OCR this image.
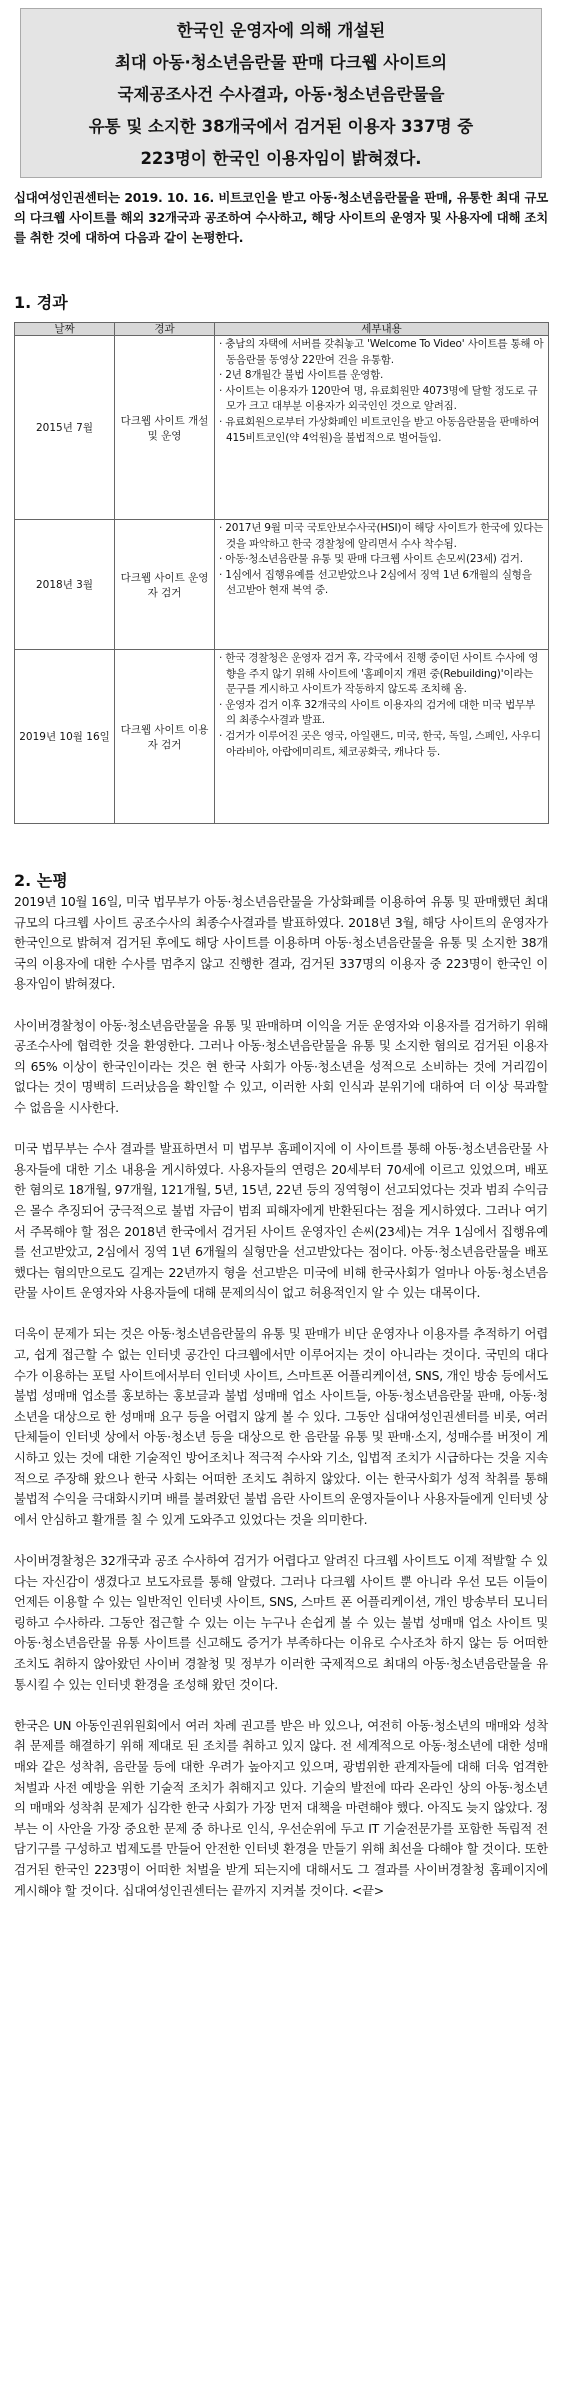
한국인 운영자에 의해 개설된
최대 아동·청소년음란물 판매 다크웹 사이트의
국제공조사건 수사결과, 아동·청소년음란물을
유통 및 소지한 38개국에서 검거된 이용자 337명 중
223명이 한국인 이용자임이 밝혀졌다.
십대여성인권센터는 2019. 10. 16. 비트코인을 받고 아동·청소년음란물을 판매, 유통한 최대 규모의 다크웹 사이트를 해외 32개국과 공조하여 수사하고, 해당 사이트의 운영자 및 사용자에 대해 조치를 취한 것에 대하여 다음과 같이 논평한다.
1. 경과
날짜	경과	세부내용
2015년 7월	다크웹 사이트 개설 및 운영	· 충남의 자택에 서버를 갖춰놓고 'Welcome To Video' 사이트를 통해 아동음란물 동영상 22만여 건을 유통함.
· 2년 8개월간 불법 사이트를 운영함.
· 사이트는 이용자가 120만여 명, 유료회원만 4073명에 달할 정도로 규모가 크고 대부분 이용자가 외국인인 것으로 알려짐.
· 유료회원으로부터 가상화폐인 비트코인을 받고 아동음란물을 판매하여 415비트코인(약 4억원)을 불법적으로 벌어들임.

2018년 3월	다크웹 사이트 운영자 검거	· 2017년 9월 미국 국토안보수사국(HSI)이 해당 사이트가 한국에 있다는 것을 파악하고 한국 경찰청에 알리면서 수사 착수됨.
· 아동·청소년음란물 유통 및 판매 다크웹 사이트 손모씨(23세) 검거.
· 1심에서 집행유예를 선고받았으나 2심에서 징역 1년 6개월의 실형을 선고받아 현재 복역 중.

2019년 10월 16일	다크웹 사이트 이용자 검거	· 한국 경찰청은 운영자 검거 후, 각국에서 진행 중이던 사이트 수사에 영향을 주지 않기 위해 사이트에 '홈페이지 개편 중(Rebuilding)'이라는 문구를 게시하고 사이트가 작동하지 않도록 조치해 옴.
· 운영자 검거 이후 32개국의 사이트 이용자의 검거에 대한 미국 법무부의 최종수사결과 발표.
· 검거가 이루어진 곳은 영국, 아일랜드, 미국, 한국, 독일, 스페인, 사우디아라비아, 아랍에미리트, 체코공화국, 캐나다 등.
2. 논평

2019년 10월 16일, 미국 법무부가 아동·청소년음란물을 가상화폐를 이용하여 유통 및 판매했던 최대 규모의 다크웹 사이트 공조수사의 최종수사결과를 발표하였다. 2018년 3월, 해당 사이트의 운영자가 한국인으로 밝혀져 검거된 후에도 해당 사이트를 이용하며 아동·청소년음란물을 유통 및 소지한 38개국의 이용자에 대한 수사를 멈추지 않고 진행한 결과, 검거된 337명의 이용자 중 223명이 한국인 이용자임이 밝혀졌다.

사이버경찰청이 아동·청소년음란물을 유통 및 판매하며 이익을 거둔 운영자와 이용자를 검거하기 위해 공조수사에 협력한 것을 환영한다. 그러나 아동·청소년음란물을 유통 및 소지한 혐의로 검거된 이용자의 65% 이상이 한국인이라는 것은 현 한국 사회가 아동·청소년을 성적으로 소비하는 것에 거리낌이 없다는 것이 명백히 드러났음을 확인할 수 있고, 이러한 사회 인식과 분위기에 대하여 더 이상 묵과할 수 없음을 시사한다.

미국 법무부는 수사 결과를 발표하면서 미 법무부 홈페이지에 이 사이트를 통해 아동·청소년음란물 사용자들에 대한 기소 내용을 게시하였다. 사용자들의 연령은 20세부터 70세에 이르고 있었으며, 배포한 혐의로 18개월, 97개월, 121개월, 5년, 15년, 22년 등의 징역형이 선고되었다는 것과 범죄 수익금은 몰수 추징되어 궁극적으로 불법 자금이 범죄 피해자에게 반환된다는 점을 게시하였다. 그러나 여기서 주목해야 할 점은 2018년 한국에서 검거된 사이트 운영자인 손씨(23세)는 겨우 1심에서 집행유예를 선고받았고, 2심에서 징역 1년 6개월의 실형만을 선고받았다는 점이다. 아동·청소년음란물을 배포했다는 혐의만으로도 길게는 22년까지 형을 선고받은 미국에 비해 한국사회가 얼마나 아동·청소년음란물 사이트 운영자와 사용자들에 대해 문제의식이 없고 허용적인지 알 수 있는 대목이다.

더욱이 문제가 되는 것은 아동·청소년음란물의 유통 및 판매가 비단 운영자나 이용자를 추적하기 어렵고, 쉽게 접근할 수 없는 인터넷 공간인 다크웹에서만 이루어지는 것이 아니라는 것이다. 국민의 대다수가 이용하는 포털 사이트에서부터 인터넷 사이트, 스마트폰 어플리케이션, SNS, 개인 방송 등에서도 불법 성매매 업소를 홍보하는 홍보글과 불법 성매매 업소 사이트들, 아동·청소년음란물 판매, 아동·청소년을 대상으로 한 성매매 요구 등을 어렵지 않게 볼 수 있다. 그동안 십대여성인권센터를 비롯, 여러 단체들이 인터넷 상에서 아동·청소년 등을 대상으로 한 음란물 유통 및 판매·소지, 성매수를 버젓이 게시하고 있는 것에 대한 기술적인 방어조치나 적극적 수사와 기소, 입법적 조치가 시급하다는 것을 지속적으로 주장해 왔으나 한국 사회는 어떠한 조치도 취하지 않았다. 이는 한국사회가 성적 착취를 통해 불법적 수익을 극대화시키며 배를 불려왔던 불법 음란 사이트의 운영자들이나 사용자들에게 인터넷 상에서 안심하고 활개를 칠 수 있게 도와주고 있었다는 것을 의미한다.

사이버경찰청은 32개국과 공조 수사하여 검거가 어렵다고 알려진 다크웹 사이트도 이제 적발할 수 있다는 자신감이 생겼다고 보도자료를 통해 알렸다. 그러나 다크웹 사이트 뿐 아니라 우선 모든 이들이 언제든 이용할 수 있는 일반적인 인터넷 사이트, SNS, 스마트 폰 어플리케이션, 개인 방송부터 모니터링하고 수사하라. 그동안 접근할 수 있는 이는 누구나 손쉽게 볼 수 있는 불법 성매매 업소 사이트 및 아동·청소년음란물 유통 사이트를 신고해도 증거가 부족하다는 이유로 수사조차 하지 않는 등 어떠한 조치도 취하지 않아왔던 사이버 경찰청 및 정부가 이러한 국제적으로 최대의 아동·청소년음란물을 유통시킬 수 있는 인터넷 환경을 조성해 왔던 것이다.

한국은 UN 아동인권위원회에서 여러 차례 권고를 받은 바 있으나, 여전히 아동·청소년의 매매와 성착취 문제를 해결하기 위해 제대로 된 조치를 취하고 있지 않다. 전 세계적으로 아동·청소년에 대한 성매매와 같은 성착취, 음란물 등에 대한 우려가 높아지고 있으며, 광범위한 관계자들에 대해 더욱 엄격한 처벌과 사전 예방을 위한 기술적 조치가 취해지고 있다. 기술의 발전에 따라 온라인 상의 아동·청소년의 매매와 성착취 문제가 심각한 한국 사회가 가장 먼저 대책을 마련해야 했다. 아직도 늦지 않았다. 정부는 이 사안을 가장 중요한 문제 중 하나로 인식, 우선순위에 두고 IT 기술전문가를 포함한 독립적 전담기구를 구성하고 법제도를 만들어 안전한 인터넷 환경을 만들기 위해 최선을 다해야 할 것이다. 또한 검거된 한국인 223명이 어떠한 처벌을 받게 되는지에 대해서도 그 결과를 사이버경찰청 홈페이지에 게시해야 할 것이다. 십대여성인권센터는 끝까지 지켜볼 것이다. <끝>
